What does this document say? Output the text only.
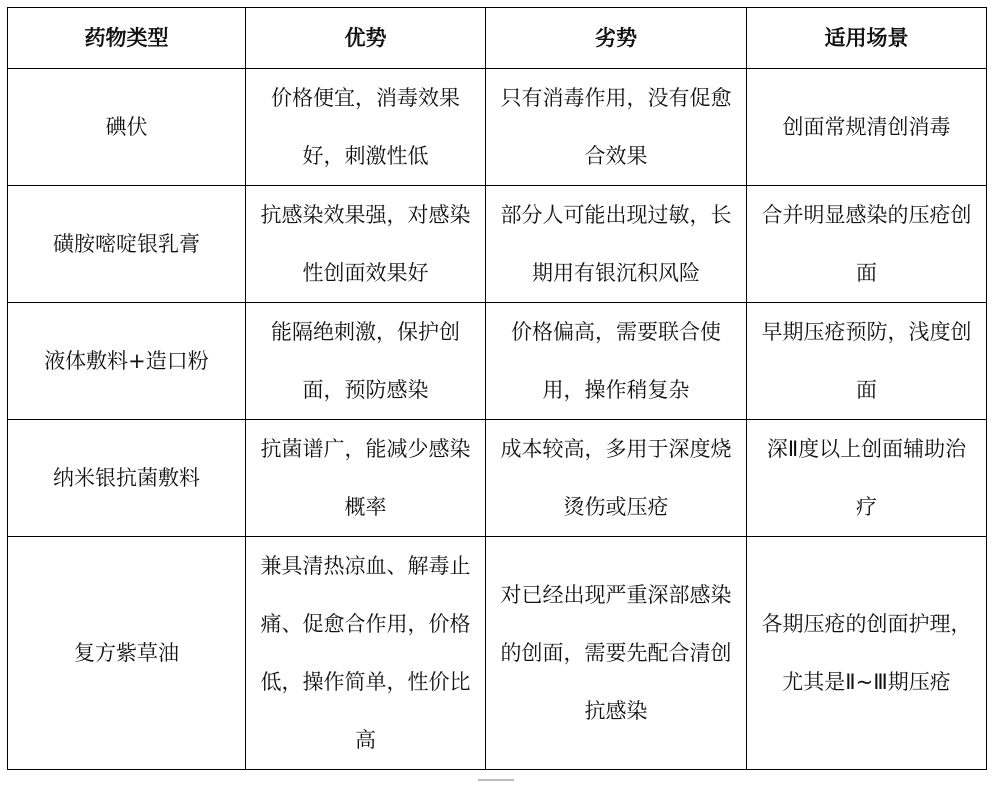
药物类型	优势	劣势	适用场景
碘伏	价格便宜，消毒效果好，刺激性低	只有消毒作用，没有促愈合效果	创面常规清创消毒
磺胺嘧啶银乳膏	抗感染效果强，对感染性创面效果好	部分人可能出现过敏，长期用有银沉积风险	合并明显感染的压疮创面
液体敷料+造口粉	能隔绝刺激，保护创面，预防感染	价格偏高，需要联合使用，操作稍复杂	早期压疮预防，浅度创面
纳米银抗菌敷料	抗菌谱广，能减少感染概率	成本较高，多用于深度烧烫伤或压疮	深Ⅱ度以上创面辅助治疗
复方紫草油	兼具清热凉血、解毒止痛、促愈合作用，价格低，操作简单，性价比高	对已经出现严重深部感染的创面，需要先配合清创抗感染	各期压疮的创面护理，尤其是Ⅱ~Ⅲ期压疮
